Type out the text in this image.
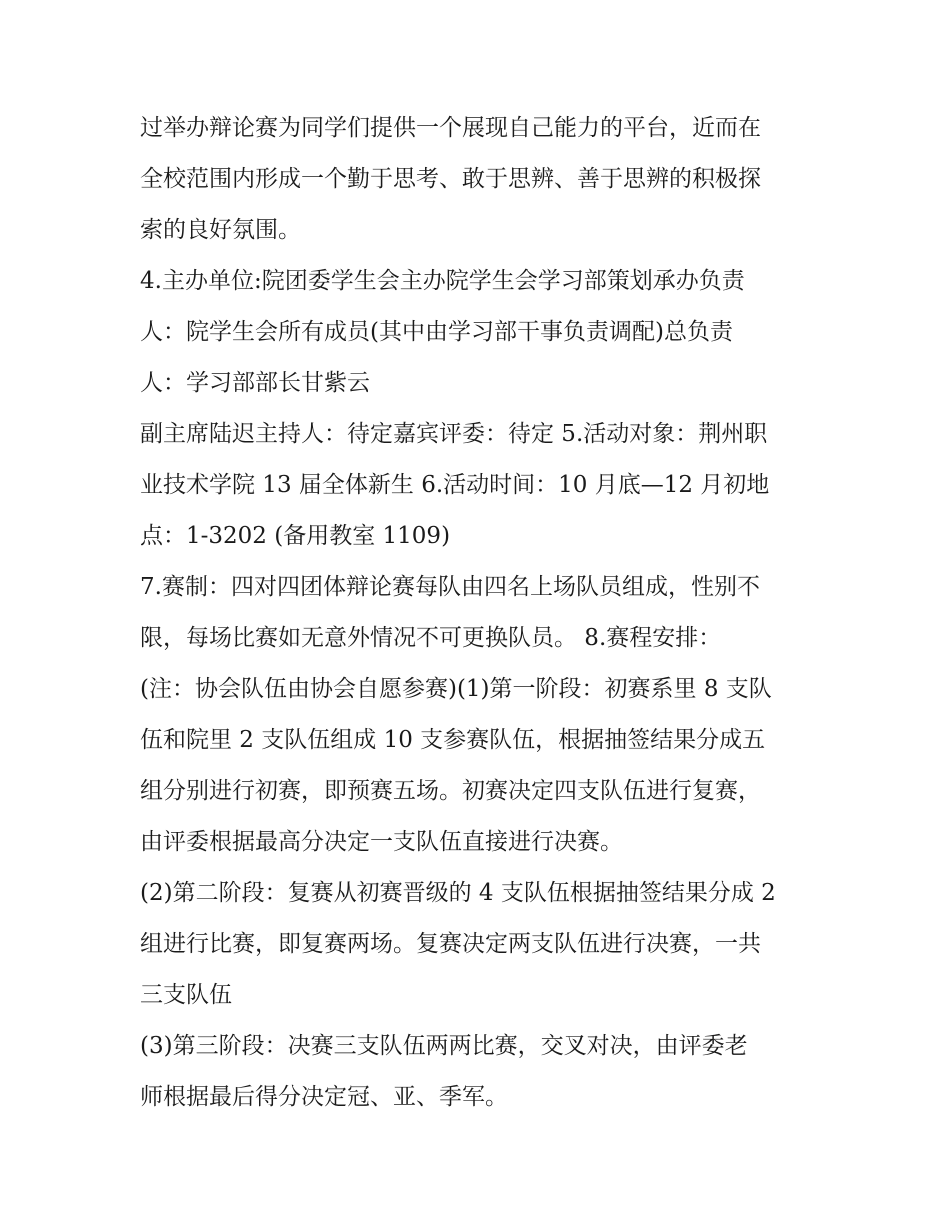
过举办辩论赛为同学们提供一个展现自己能力的平台，近而在
全校范围内形成一个勤于思考、敢于思辨、善于思辨的积极探
索的良好氛围。
4.主办单位:院团委学生会主办院学生会学习部策划承办负责
人：院学生会所有成员(其中由学习部干事负责调配)总负责
人：学习部部长甘紫云
副主席陆迟主持人：待定嘉宾评委：待定 5.活动对象：荆州职
业技术学院 13 届全体新生 6.活动时间：10 月底—12 月初地
点：1-3202 (备用教室 1109)
7.赛制：四对四团体辩论赛每队由四名上场队员组成，性别不
限，每场比赛如无意外情况不可更换队员。 8.赛程安排：
(注：协会队伍由协会自愿参赛)(1)第一阶段：初赛系里 8 支队
伍和院里 2 支队伍组成 10 支参赛队伍，根据抽签结果分成五
组分别进行初赛，即预赛五场。初赛决定四支队伍进行复赛，
由评委根据最高分决定一支队伍直接进行决赛。
(2)第二阶段：复赛从初赛晋级的 4 支队伍根据抽签结果分成 2
组进行比赛，即复赛两场。复赛决定两支队伍进行决赛，一共
三支队伍
(3)第三阶段：决赛三支队伍两两比赛，交叉对决，由评委老
师根据最后得分决定冠、亚、季军。
